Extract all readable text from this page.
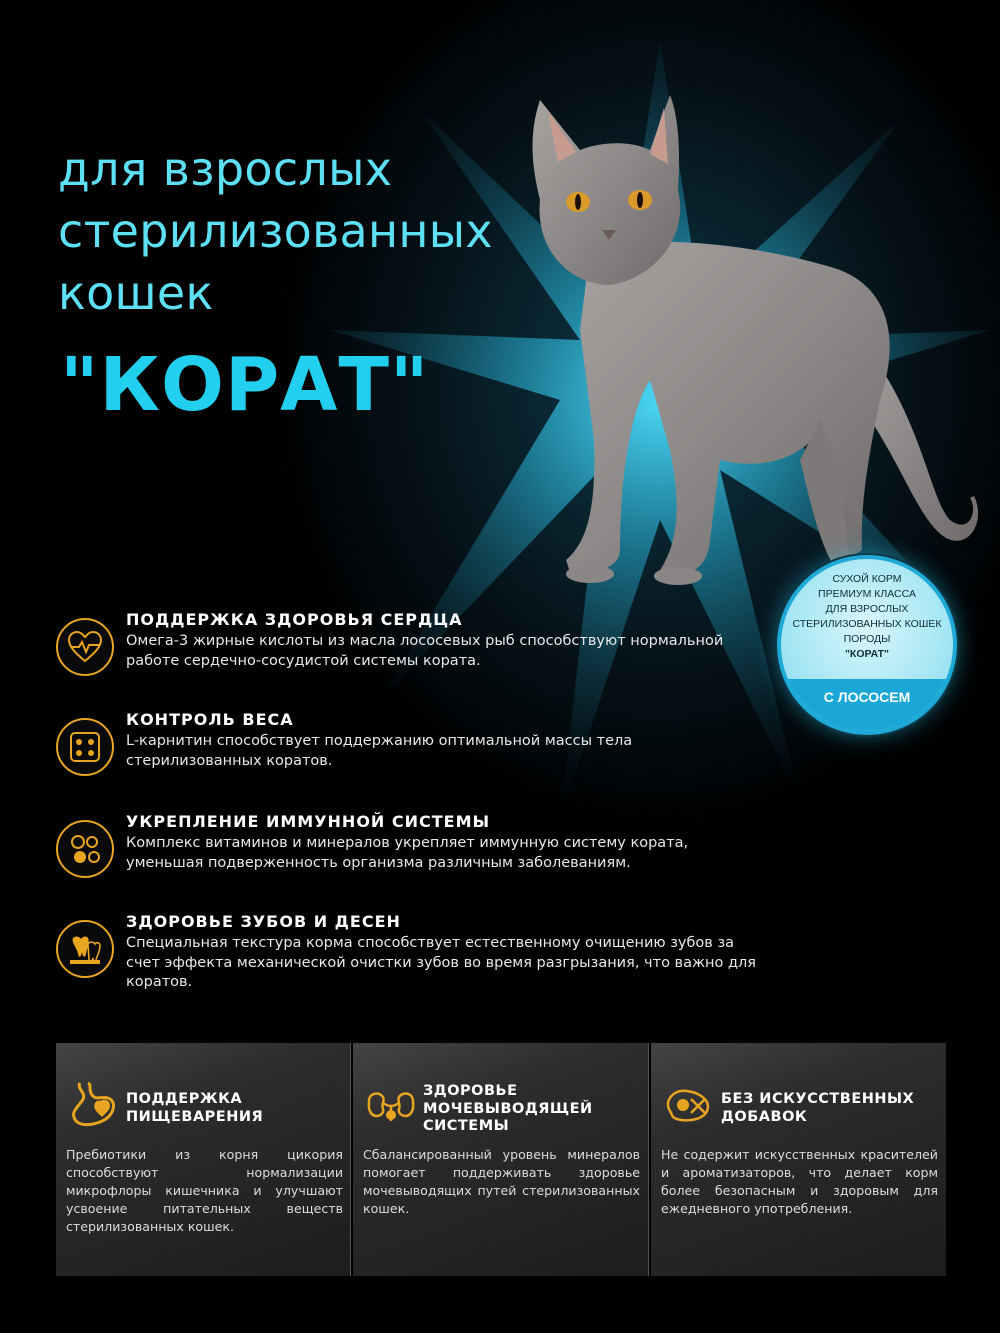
для взрослых
стерилизованных
кошек
"КОРАТ"
СУХОЙ КОРМ
ПРЕМИУМ КЛАССА
ДЛЯ ВЗРОСЛЫХ
СТЕРИЛИЗОВАННЫХ КОШЕК
ПОРОДЫ
"КОРАТ"
С ЛОСОСЕМ
ПОДДЕРЖКА ЗДОРОВЬЯ СЕРДЦА
Омега-3 жирные кислоты из масла лососевых рыб способствуют нормальной работе сердечно-сосудистой системы кората.
КОНТРОЛЬ ВЕСА
L-карнитин способствует поддержанию оптимальной массы тела стерилизованных коратов.
УКРЕПЛЕНИЕ ИММУННОЙ СИСТЕМЫ
Комплекс витаминов и минералов укрепляет иммунную систему кората, уменьшая подверженность организма различным заболеваниям.
ЗДОРОВЬЕ ЗУБОВ И ДЕСЕН
Специальная текстура корма способствует естественному очищению зубов за счет эффекта механической очистки зубов во время разгрызания, что важно для коратов.
ПОДДЕРЖКА
ПИЩЕВАРЕНИЯ
Пребиотики из корня цикория способствуют нормализации микрофлоры кишечника и улучшают усвоение питательных веществ стерилизованных кошек.
ЗДОРОВЬЕ
МОЧЕВЫВОДЯЩЕЙ
СИСТЕМЫ
Сбалансированный уровень минералов помогает поддерживать здоровье мочевыводящих путей стерилизованных кошек.
БЕЗ ИСКУССТВЕННЫХ
ДОБАВОК
Не содержит искусственных красителей и ароматизаторов, что делает корм более безопасным и здоровым для ежедневного употребления.
